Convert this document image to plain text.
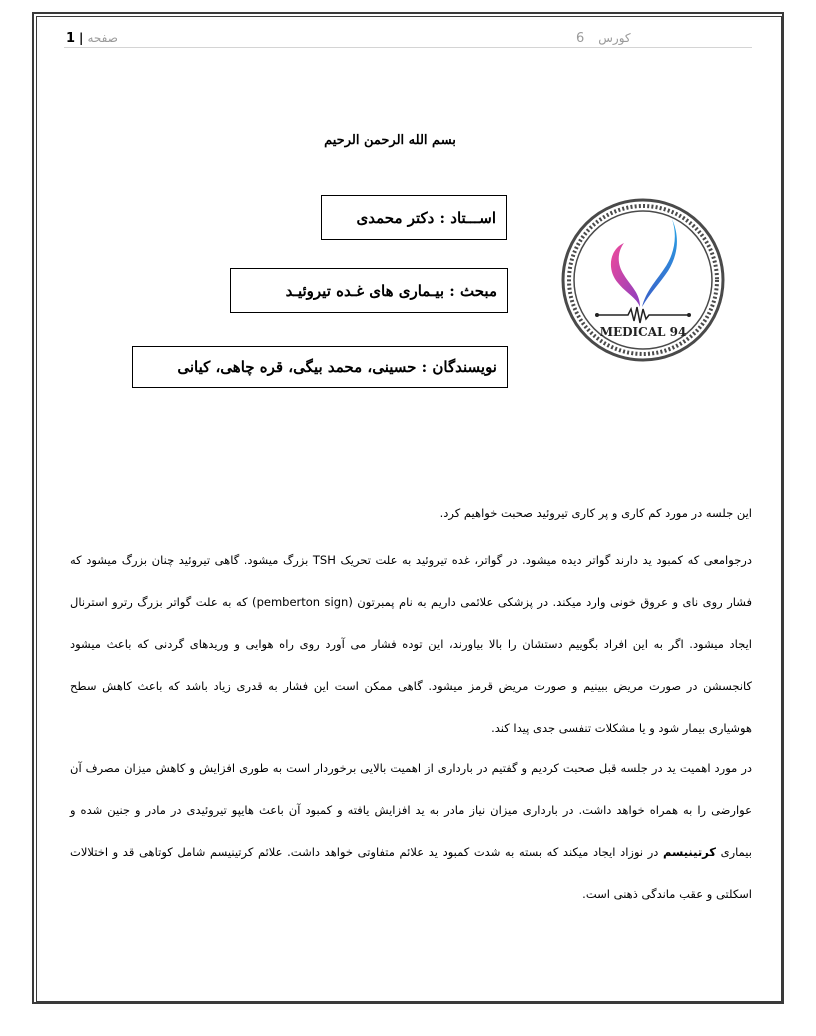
1 | صفحه	6 کورس
بسم الله الرحمن الرحیم
اســـتاد : دکتر محمدی
مبحث : بیـماری های غـده تیروئیـد
نویسندگان : حسینی، محمد بیگی، قره چاهی، کیانی
MEDICAL 94
این جلسه در مورد کم کاری و پر کاری تیروئید صحبت خواهیم کرد.
درجوامعی که کمبود ید دارند گواتر دیده میشود. در گواتر، غده تیروئید به علت تحریک TSH بزرگ میشود. گاهی تیروئید چنان بزرگ میشود که فشار روی نای و عروق خونی وارد میکند. در پزشکی علائمی داریم به نام پمبرتون (pemberton sign) که به علت گواتر بزرگ رترو استرنال ایجاد میشود. اگر به این افراد بگوییم دستشان را بالا بیاورند، این توده فشار می آورد روی راه هوایی و وریدهای گردنی که باعث میشود کانجسشن در صورت مریض ببینیم و صورت مریض قرمز میشود. گاهی ممکن است این فشار به قدری زیاد باشد که باعث کاهش سطح هوشیاری بیمار شود و یا مشکلات تنفسی جدی پیدا کند.
در مورد اهمیت ید در جلسه قبل صحبت کردیم و گفتیم در بارداری از اهمیت بالایی برخوردار است به طوری افزایش و کاهش میزان مصرف آن عوارضی را به همراه خواهد داشت. در بارداری میزان نیاز مادر به ید افزایش یافته و کمبود آن باعث هایپو تیروئیدی در مادر و جنین شده و بیماری کرتینیسم در نوزاد ایجاد میکند که بسته به شدت کمبود ید علائم متفاوتی خواهد داشت. علائم کرتینیسم شامل کوتاهی قد و اختلالات اسکلتی و عقب ماندگی ذهنی است.
